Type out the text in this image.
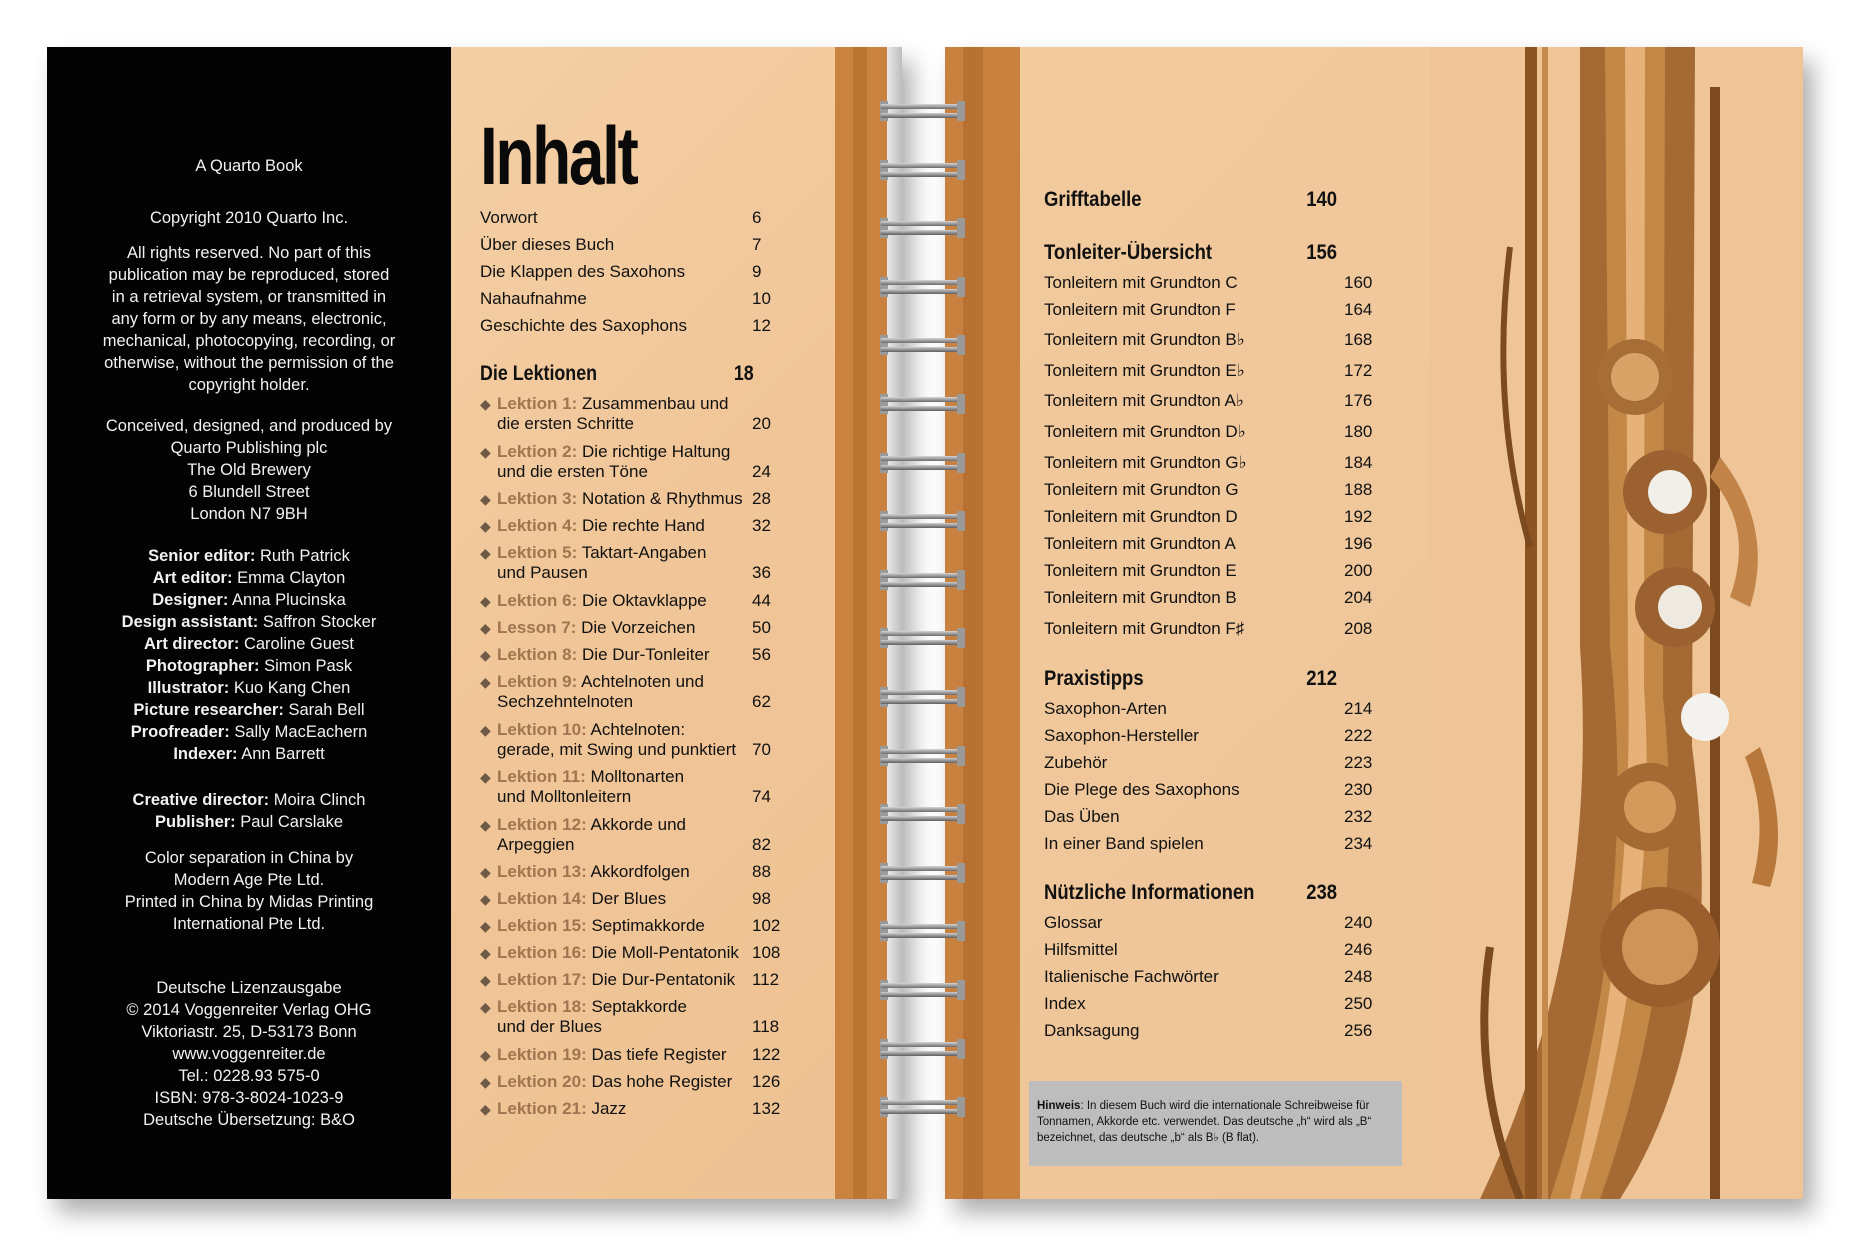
A Quarto Book
Copyright 2010 Quarto Inc.
All rights reserved. No part of this
publication may be reproduced, stored
in a retrieval system, or transmitted in
any form or by any means, electronic,
mechanical, photocopying, recording, or
otherwise, without the permission of the
copyright holder.
Conceived, designed, and produced by
Quarto Publishing plc
The Old Brewery
6 Blundell Street
London N7 9BH
Senior editor: Ruth Patrick
Art editor: Emma Clayton
Designer: Anna Plucinska
Design assistant: Saffron Stocker
Art director: Caroline Guest
Photographer: Simon Pask
Illustrator: Kuo Kang Chen
Picture researcher: Sarah Bell
Proofreader: Sally MacEachern
Indexer: Ann Barrett
Creative director: Moira Clinch
Publisher: Paul Carslake
Color separation in China by
Modern Age Pte Ltd.
Printed in China by Midas Printing
International Pte Ltd.
Deutsche Lizenzausgabe
© 2014 Voggenreiter Verlag OHG
Viktoriastr. 25, D-53173 Bonn
www.voggenreiter.de
Tel.: 0228.93 575-0
ISBN: 978-3-8024-1023-9
Deutsche Übersetzung: B&O
Inhalt
Vorwort	6
Über dieses Buch	7
Die Klappen des Saxohons	9
Nahaufnahme	10
Geschichte des Saxophons	12
Die Lektionen	18
◆ Lektion 1: Zusammenbau und
die ersten Schritte	20
◆ Lektion 2: Die richtige Haltung
und die ersten Töne	24
◆ Lektion 3: Notation & Rhythmus 28
◆ Lektion 4: Die rechte Hand	32
◆ Lektion 5: Taktart-Angaben
und Pausen	36
◆ Lektion 6: Die Oktavklappe	44
◆ Lesson 7: Die Vorzeichen	50
◆ Lektion 8: Die Dur-Tonleiter	56
◆ Lektion 9: Achtelnoten und
Sechzehntelnoten	62
◆ Lektion 10: Achtelnoten:
gerade, mit Swing und punktiert 70
◆ Lektion 11: Molltonarten
und Molltonleitern	74
◆ Lektion 12: Akkorde und
Arpeggien	82
◆ Lektion 13: Akkordfolgen	88
◆ Lektion 14: Der Blues	98
◆ Lektion 15: Septimakkorde	102
◆ Lektion 16: Die Moll-Pentatonik 108
◆ Lektion 17: Die Dur-Pentatonik 112
◆ Lektion 18: Septakkorde
und der Blues	118
◆ Lektion 19: Das tiefe Register	122
◆ Lektion 20: Das hohe Register	126
◆ Lektion 21: Jazz	132
Grifftabelle	140
Tonleiter-Übersicht	156
Tonleitern mit Grundton C	160
Tonleitern mit Grundton F	164
Tonleitern mit Grundton B♭	168
Tonleitern mit Grundton E♭	172
Tonleitern mit Grundton A♭	176
Tonleitern mit Grundton D♭	180
Tonleitern mit Grundton G♭	184
Tonleitern mit Grundton G	188
Tonleitern mit Grundton D	192
Tonleitern mit Grundton A	196
Tonleitern mit Grundton E	200
Tonleitern mit Grundton B	204
Tonleitern mit Grundton F♯	208
Praxistipps	212
Saxophon-Arten	214
Saxophon-Hersteller	222
Zubehör	223
Die Plege des Saxophons	230
Das Üben	232
In einer Band spielen	234
Nützliche Informationen 238
Glossar	240
Hilfsmittel	246
Italienische Fachwörter	248
Index	250
Danksagung	256
Hinweis: In diesem Buch wird die internationale Schreibweise für Tonnamen, Akkorde etc. verwendet. Das deutsche „h“ wird als „B“ bezeichnet, das deutsche „b“ als B♭ (B flat).
